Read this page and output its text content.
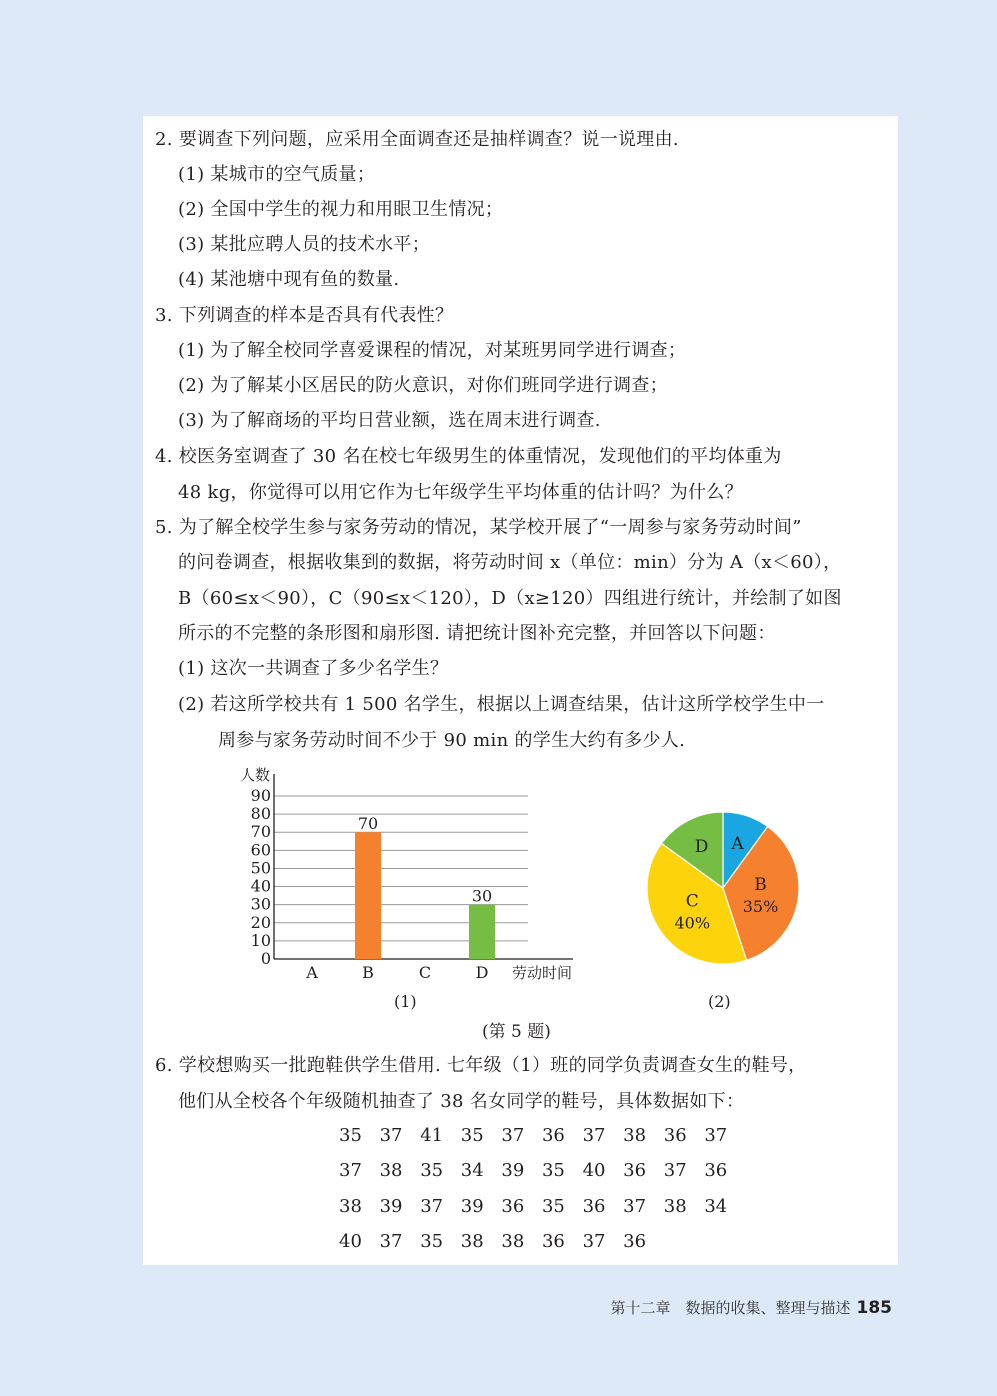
2. 要调查下列问题，应采用全面调查还是抽样调查？说一说理由.
(1) 某城市的空气质量；
(2) 全国中学生的视力和用眼卫生情况；
(3) 某批应聘人员的技术水平；
(4) 某池塘中现有鱼的数量.
3. 下列调查的样本是否具有代表性？
(1) 为了解全校同学喜爱课程的情况，对某班男同学进行调查；
(2) 为了解某小区居民的防火意识，对你们班同学进行调查；
(3) 为了解商场的平均日营业额，选在周末进行调查.
4. 校医务室调查了 30 名在校七年级男生的体重情况，发现他们的平均体重为
48 kg，你觉得可以用它作为七年级学生平均体重的估计吗？为什么？
5. 为了解全校学生参与家务劳动的情况，某学校开展了“一周参与家务劳动时间”
的问卷调查，根据收集到的数据，将劳动时间 x（单位：min）分为 A（x＜60），
B（60≤x＜90），C（90≤x＜120），D（x≥120）四组进行统计，并绘制了如图
所示的不完整的条形图和扇形图. 请把统计图补充完整，并回答以下问题：
(1) 这次一共调查了多少名学生？
(2) 若这所学校共有 1 500 名学生，根据以上调查结果，估计这所学校学生中一
周参与家务劳动时间不少于 90 min 的学生大约有多少人.
0
10
20
30
40
50
60
70
80
90
人数
劳动时间
A	B
70
C	D
30
A
B
35%
C
40%
D
(1)	(2)
(第 5 题)
6. 学校想购买一批跑鞋供学生借用. 七年级（1）班的同学负责调查女生的鞋号，
他们从全校各个年级随机抽查了 38 名女同学的鞋号，具体数据如下：
35 37 41 35 37 36 37 38 36 37
37 38 35 34 39 35 40 36 37 36
38 39 37 39 36 35 36 37 38 34
40 37 35 38 38 36 37 36
第十二章　数据的收集、整理与描述 185
